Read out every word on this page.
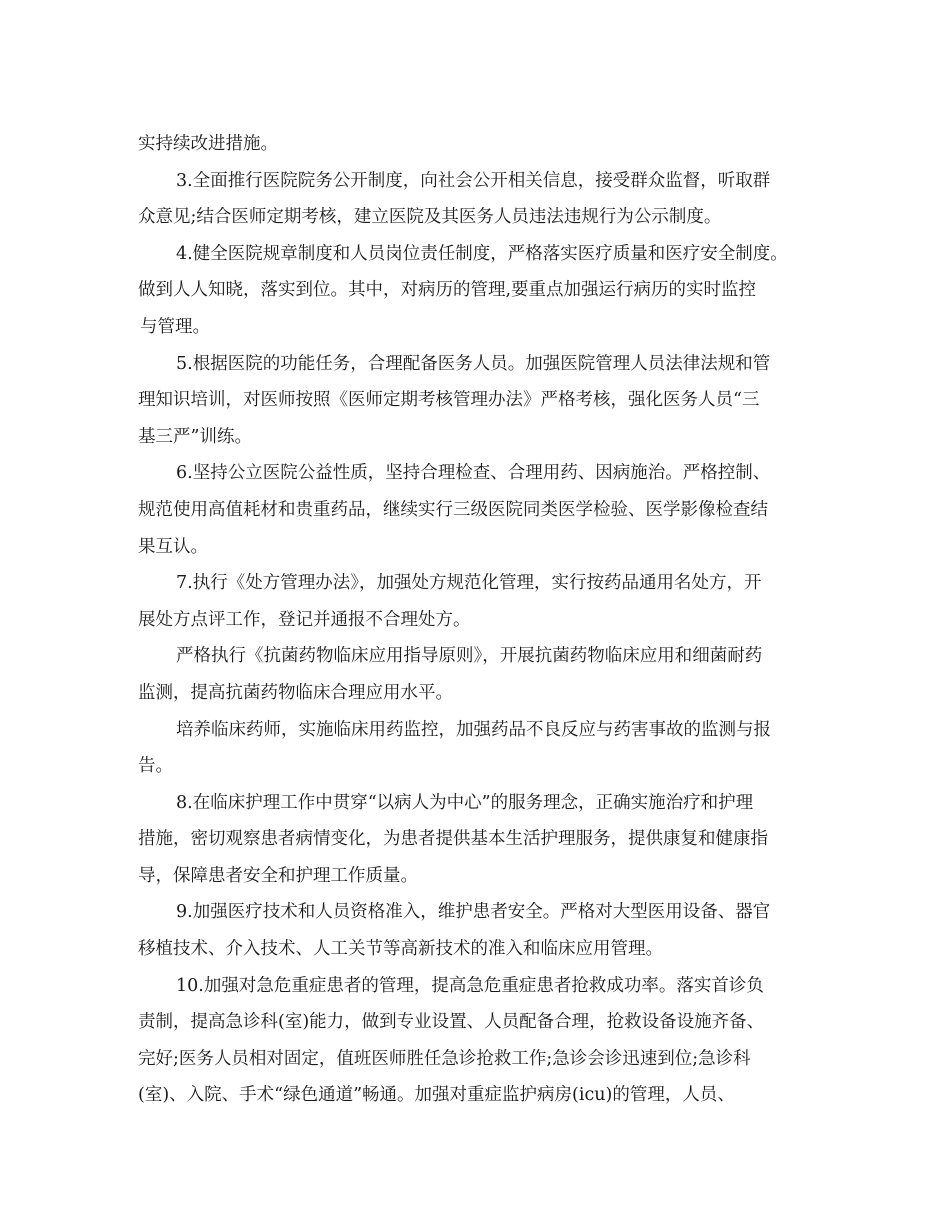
实持续改进措施。
3.全面推行医院院务公开制度，向社会公开相关信息，接受群众监督，听取群
众意见;结合医师定期考核，建立医院及其医务人员违法违规行为公示制度。
4.健全医院规章制度和人员岗位责任制度，严格落实医疗质量和医疗安全制度。
做到人人知晓，落实到位。其中，对病历的管理,要重点加强运行病历的实时监控
与管理。
5.根据医院的功能任务，合理配备医务人员。加强医院管理人员法律法规和管
理知识培训，对医师按照《医师定期考核管理办法》严格考核，强化医务人员“三
基三严”训练。
6.坚持公立医院公益性质，坚持合理检查、合理用药、因病施治。严格控制、
规范使用高值耗材和贵重药品，继续实行三级医院同类医学检验、医学影像检查结
果互认。
7.执行《处方管理办法》，加强处方规范化管理，实行按药品通用名处方，开
展处方点评工作，登记并通报不合理处方。
严格执行《抗菌药物临床应用指导原则》，开展抗菌药物临床应用和细菌耐药
监测，提高抗菌药物临床合理应用水平。
培养临床药师，实施临床用药监控，加强药品不良反应与药害事故的监测与报
告。
8.在临床护理工作中贯穿“以病人为中心”的服务理念，正确实施治疗和护理
措施，密切观察患者病情变化，为患者提供基本生活护理服务，提供康复和健康指
导，保障患者安全和护理工作质量。
9.加强医疗技术和人员资格准入，维护患者安全。严格对大型医用设备、器官
移植技术、介入技术、人工关节等高新技术的准入和临床应用管理。
10.加强对急危重症患者的管理，提高急危重症患者抢救成功率。落实首诊负
责制，提高急诊科(室)能力，做到专业设置、人员配备合理，抢救设备设施齐备、
完好;医务人员相对固定，值班医师胜任急诊抢救工作;急诊会诊迅速到位;急诊科
(室)、入院、手术“绿色通道”畅通。加强对重症监护病房(icu)的管理，人员、
